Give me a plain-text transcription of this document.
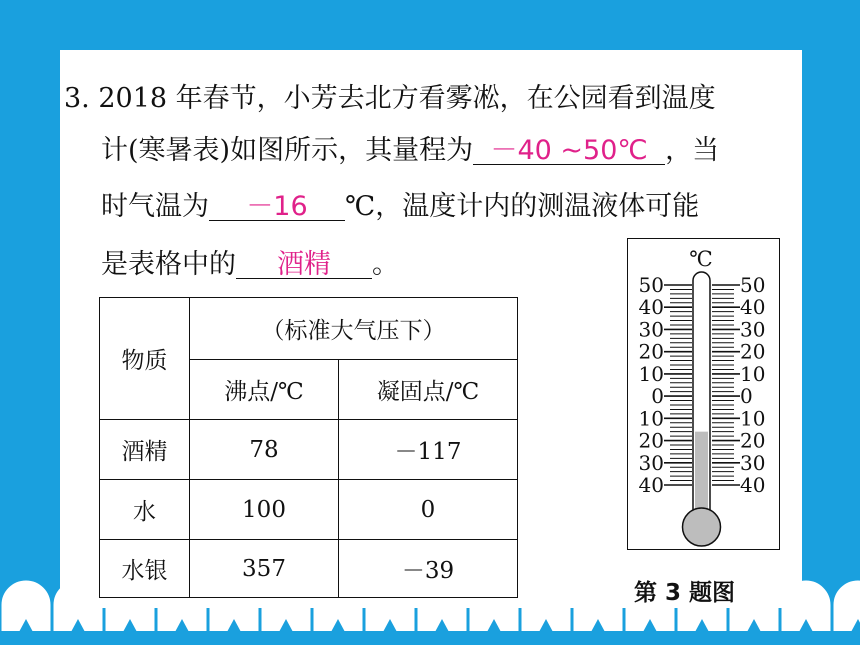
3. 2018 年春节，小芳去北方看雾凇，在公园看到温度
计(寒暑表)如图所示，其量程为 －40 ~50℃ ，当
时气温为 －16 ℃，温度计内的测温液体可能
是表格中的 酒精 。
物质	（标准大气压下）	
	沸点/℃	凝固点/℃
酒精	78	－117
水	100	0
水银	357	－39
℃
50
40
30
20
10
0
10
20
30
40
50
40
30
20
10
0
10
20
30
40
第 3 题图
